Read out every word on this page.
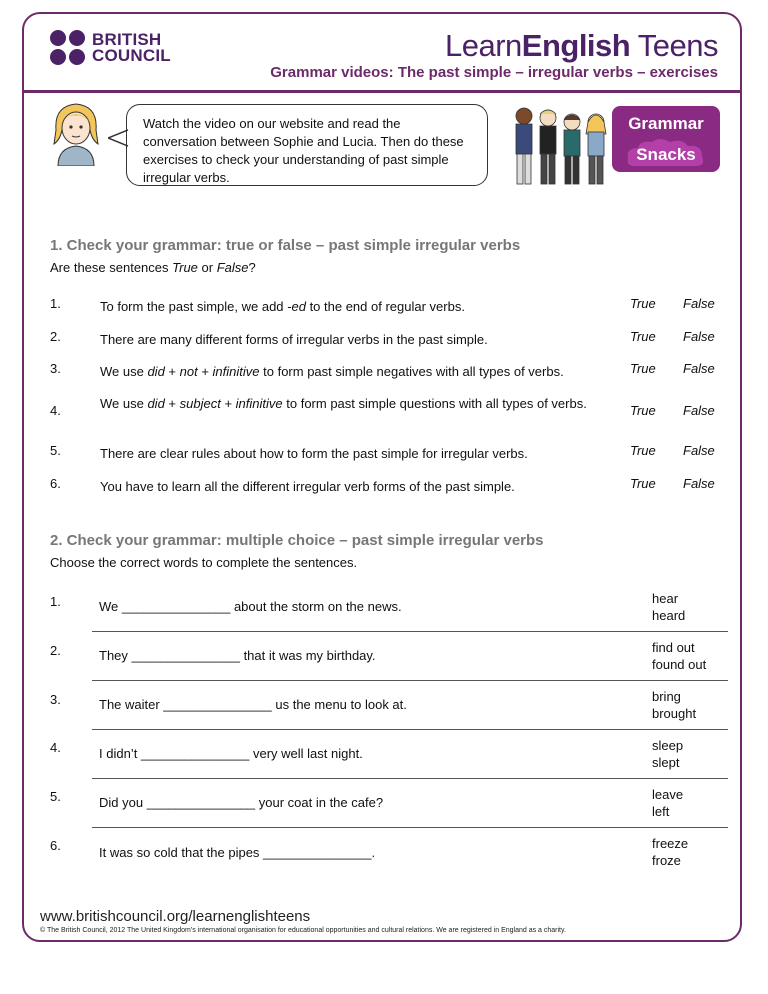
BRITISH
COUNCIL	LearnEnglish Teens
Grammar videos: The past simple – irregular verbs – exercises
Watch the video on our website and read the conversation between Sophie and Lucia. Then do these exercises to check your understanding of past simple irregular verbs.
Grammar
Snacks
1. Check your grammar: true or false – past simple irregular verbs
Are these sentences True or False?
1.	To form the past simple, we add -ed to the end of regular verbs.	True False
2.	There are many different forms of irregular verbs in the past simple.	True False
3.	We use did + not + infinitive to form past simple negatives with all types of verbs.	True False
4.	We use did + subject + infinitive to form past simple questions with all types of verbs.	True False
5.	There are clear rules about how to form the past simple for irregular verbs.	True False
6.	You have to learn all the different irregular verb forms of the past simple.	True False
2. Check your grammar: multiple choice – past simple irregular verbs
Choose the correct words to complete the sentences.
1.	We _______________ about the storm on the news.
hear
heard
2.	They _______________ that it was my birthday.
find out
found out
3.	The waiter _______________ us the menu to look at.
bring
brought
4.	I didn’t _______________ very well last night.
sleep
slept
5.	Did you _______________ your coat in the cafe?
leave
left
6.	It was so cold that the pipes _______________.
freeze
froze
www.britishcouncil.org/learnenglishteens
© The British Council, 2012 The United Kingdom’s international organisation for educational opportunities and cultural relations. We are registered in England as a charity.
